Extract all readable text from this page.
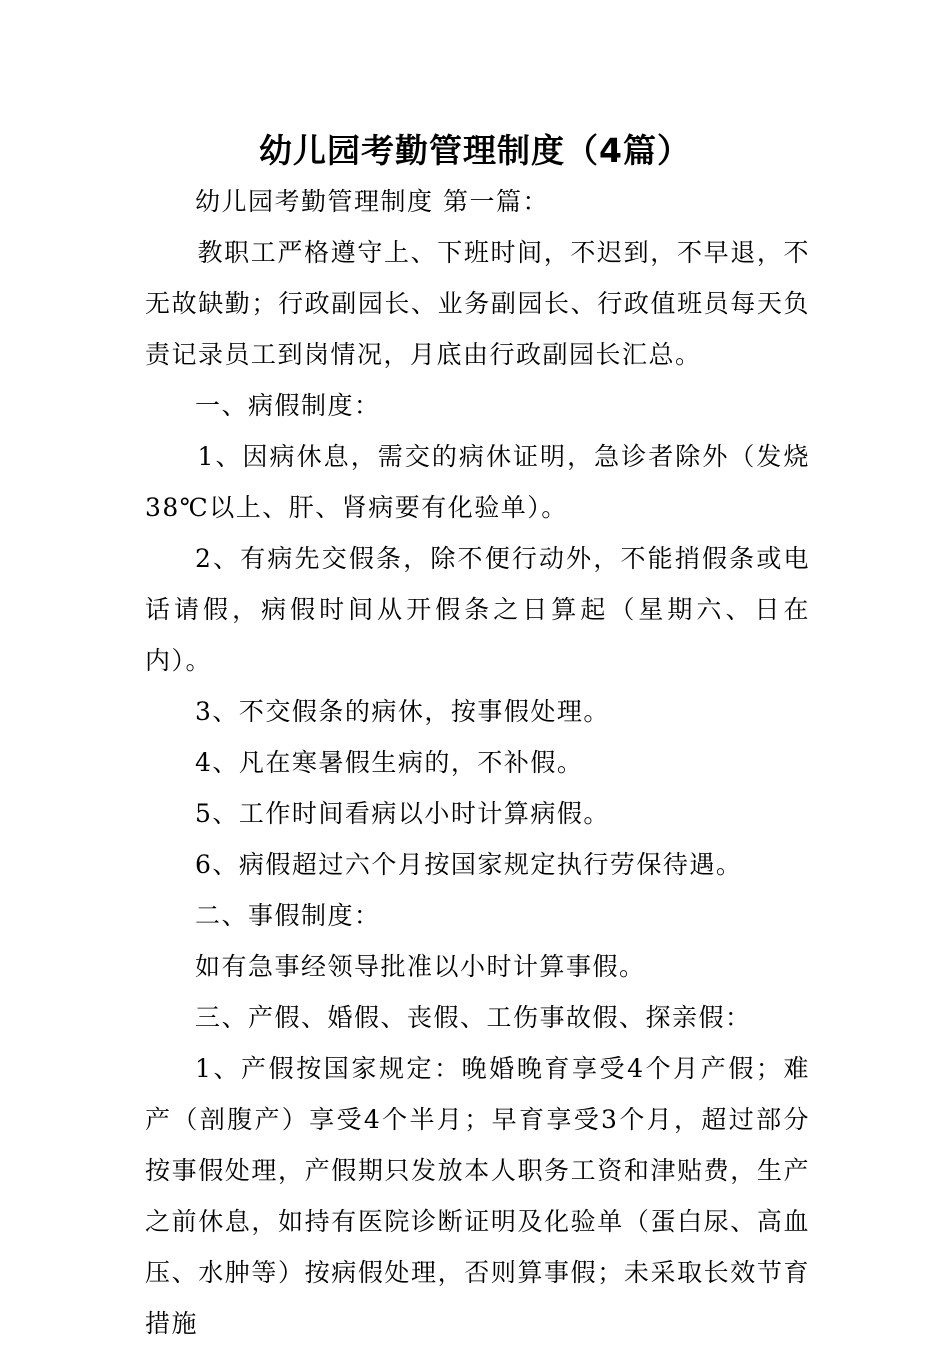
幼儿园考勤管理制度（4篇）

幼儿园考勤管理制度 第一篇：

教职工严格遵守上、下班时间，不迟到，不早退，不无故缺勤；行政副园长、业务副园长、行政值班员每天负责记录员工到岗情况，月底由行政副园长汇总。

一、病假制度：

1、因病休息，需交的病休证明，急诊者除外（发烧38℃以上、肝、肾病要有化验单）。

2、有病先交假条，除不便行动外，不能捎假条或电话请假，病假时间从开假条之日算起（星期六、日在内）。

3、不交假条的病休，按事假处理。

4、凡在寒暑假生病的，不补假。

5、工作时间看病以小时计算病假。

6、病假超过六个月按国家规定执行劳保待遇。

二、事假制度：

如有急事经领导批准以小时计算事假。

三、产假、婚假、丧假、工伤事故假、探亲假：

1、产假按国家规定：晚婚晚育享受4个月产假；难产（剖腹产）享受4个半月；早育享受3个月，超过部分按事假处理，产假期只发放本人职务工资和津贴费，生产之前休息，如持有医院诊断证明及化验单（蛋白尿、高血压、水肿等）按病假处理，否则算事假；未采取长效节育措施
